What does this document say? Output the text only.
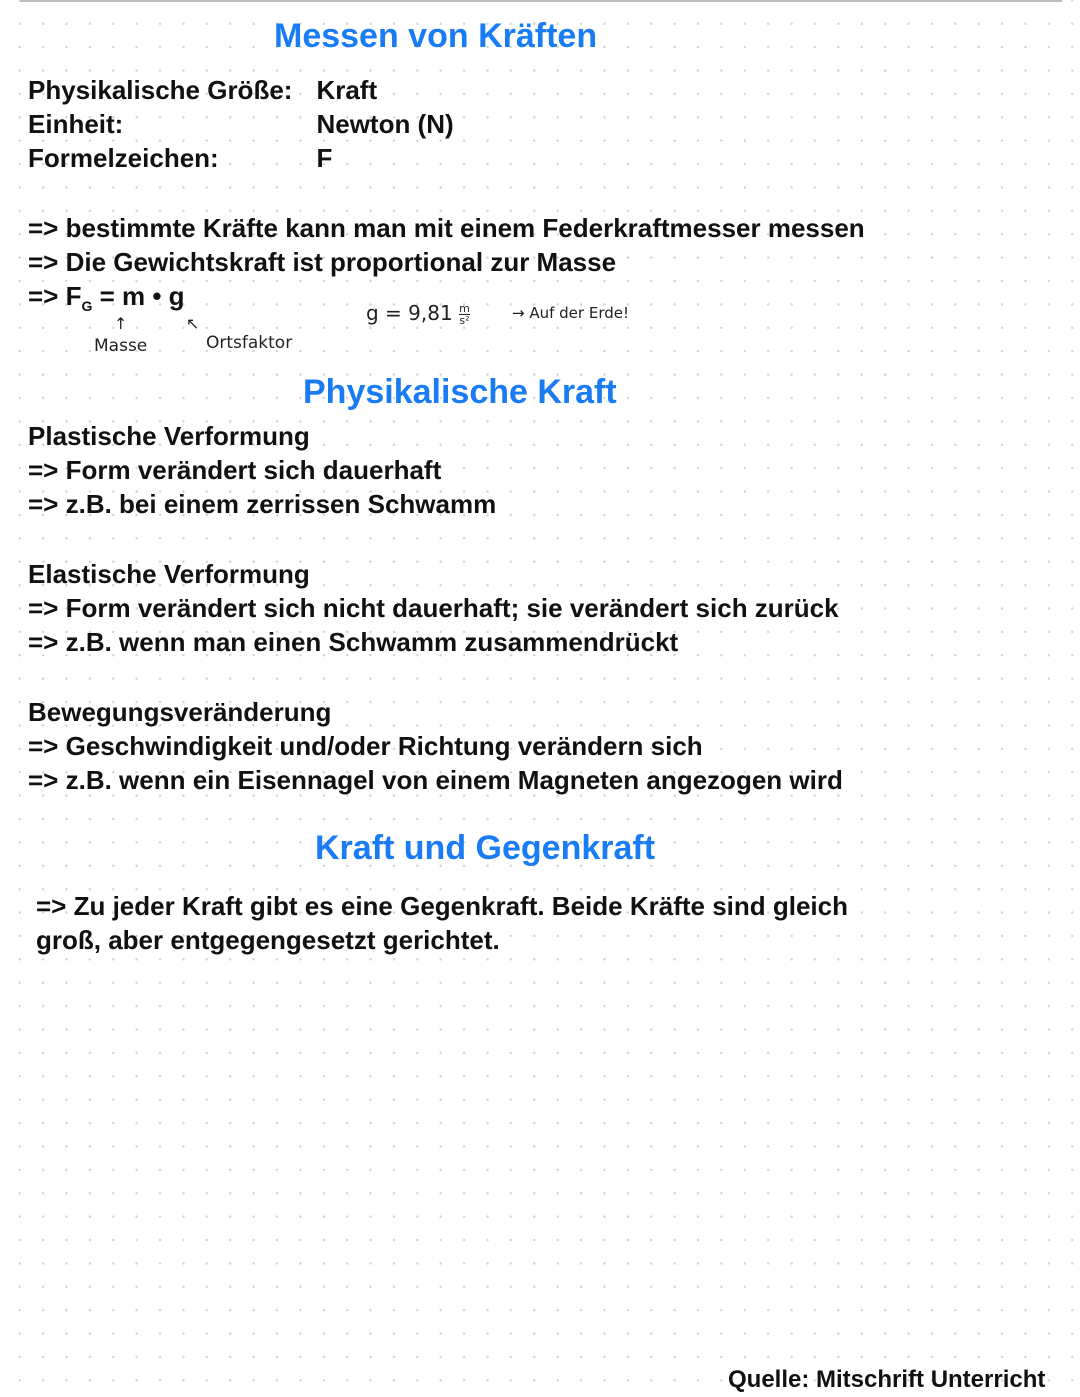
Messen von Kräften
Physikalische Größe: Kraft
Einheit:	Newton (N)
Formelzeichen:	F
=> bestimmte Kräfte kann man mit einem Federkraftmesser messen
=> Die Gewichtskraft ist proportional zur Masse
=> $F_G = m$ • g
↑
Masse
↖
Ortsfaktor
$g = 9,81 \frac{m}{\text{s²}}$	→ Auf der Erde!
Physikalische Kraft
Plastische Verformung
=> Form verändert sich dauerhaft
=> z.B. bei einem zerrissen Schwamm
Elastische Verformung
=> Form verändert sich nicht dauerhaft; sie verändert sich zurück
=> z.B. wenn man einen Schwamm zusammendrückt
Bewegungsveränderung
=> Geschwindigkeit und/oder Richtung verändern sich
=> z.B. wenn ein Eisennagel von einem Magneten angezogen wird
Kraft und Gegenkraft
=> Zu jeder Kraft gibt es eine Gegenkraft. Beide Kräfte sind gleich
groß, aber entgegengesetzt gerichtet.
Quelle: Mitschrift Unterricht
